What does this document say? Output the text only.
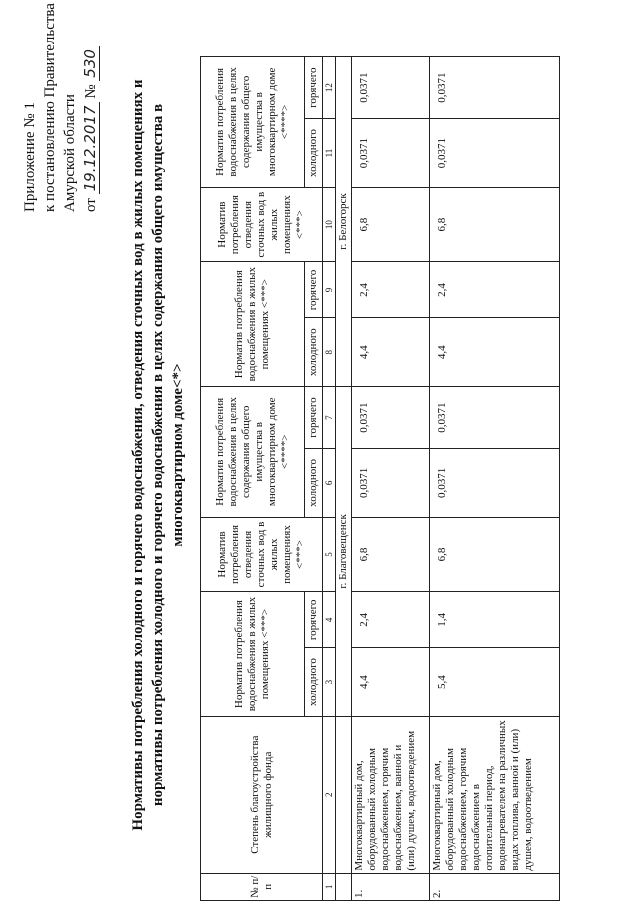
Приложение № 1 к постановлению Правительства Амурской области от 19.12.2017 № 530
Нормативы потребления холодного и горячего водоснабжения, отведения сточных вод в жилых помещениях и нормативы потребления холодного и горячего водоснабжения в целях содержания общего имущества в многоквартирном доме<*>
№ п/п	Степень благоустройства жилищного фонда	Норматив потребления водоснабжения в жилых помещениях <***>		Норматив потребления отведения сточных вод в жилых помещениях <***>	Норматив потребления водоснабжения в целях содержания общего имущества в многоквартирном доме <****>		Норматив потребления водоснабжения в жилых помещениях <***>		Норматив потребления отведения сточных вод в жилых помещениях <***>	Норматив потребления водоснабжения в целях содержания общего имущества в многоквартирном доме <****>	
		холодного	горячего		холодного	горячего	холодного	горячего		холодного	горячего
1	2	3	4	5	6	7	8	9	10	11	12
		г. Благовещенск					г. Белогорск				
1.	Многоквартирный дом, оборудованный холодным водоснабжением, горячим водоснабжением, ванной и (или) душем, водоотведением	4,4	2,4	6,8	0,0371	0,0371	4,4	2,4	6,8	0,0371	0,0371
2.	Многоквартирный дом, оборудованный холодным водоснабжением, горячим водоснабжением в отопительный период, водонагревателем на различных видах топлива, ванной и (или) душем, водоотведением	5,4	1,4	6,8	0,0371	0,0371	4,4	2,4	6,8	0,0371	0,0371
